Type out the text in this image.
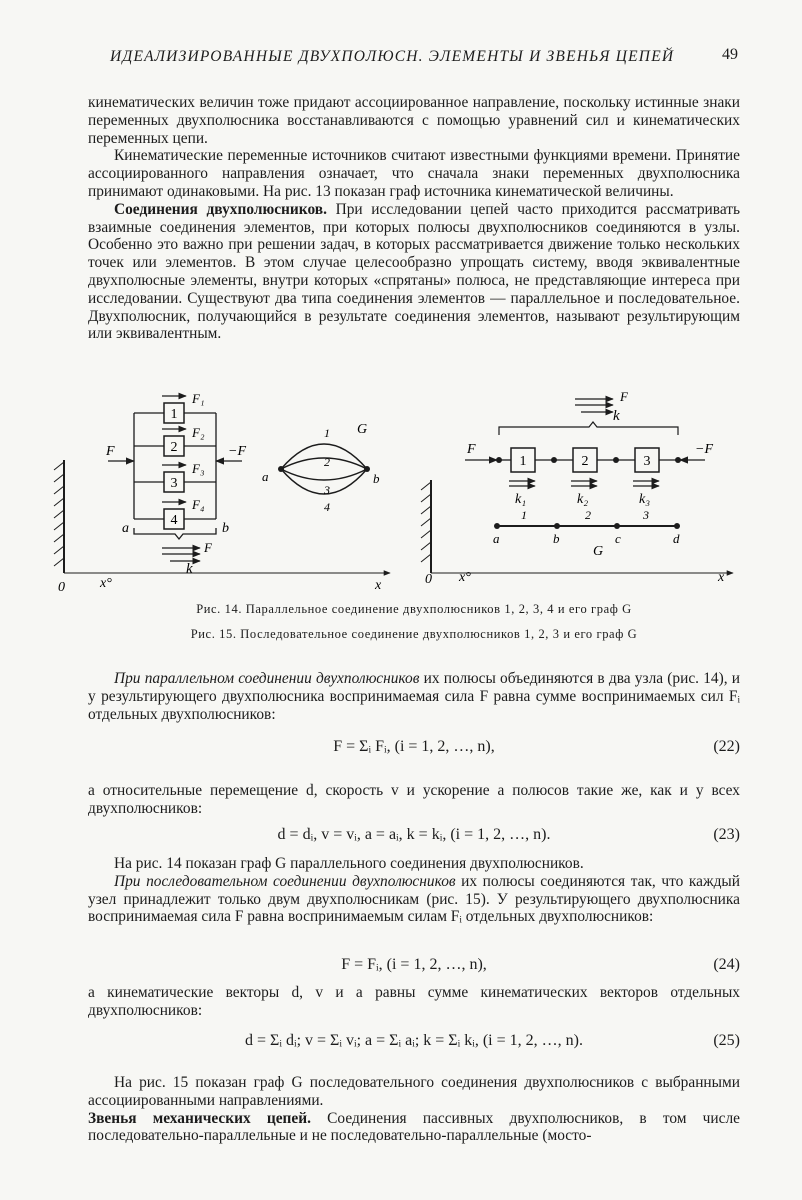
ИДЕАЛИЗИРОВАННЫЕ ДВУХПОЛЮСН. ЭЛЕМЕНТЫ И ЗВЕНЬЯ ЦЕПЕЙ	49

кинематических величин тоже придают ассоциированное направление, поскольку истинные знаки переменных двухполюсника восстанавливаются с помощью уравнений сил и кинематических переменных цепи.

Кинематические переменные источников считают известными функциями времени. Принятие ассоциированного направления означает, что сначала знаки переменных двухполюсника принимают одинаковыми. На рис. 13 показан граф источника кинематической величины.

Соединения двухполюсников. При исследовании цепей часто приходится рассматривать взаимные соединения элементов, при которых полюсы двухполюсников соединяются в узлы. Особенно это важно при решении задач, в которых рассматривается движение только нескольких точек или элементов. В этом случае целесообразно упрощать систему, вводя эквивалентные двухполюсные элементы, внутри которых «спрятаны» полюса, не представляющие интереса при исследовании. Существуют два типа соединения элементов — параллельное и последовательное. Двухполюсник, получающийся в результате соединения элементов, называют результирующим или эквивалентным.

0	x°	x
1
2
3
4
F₁
F₂
F₃
F₄
F	−F
a	b
F
k
a	b
G
1
2
3
4
0 x°	x
F
k
1	2	3
F	−F
k₁	k₂	k₃
1	2	3
a	b	c	d
G
Рис. 14. Параллельное соединение двухполюсников 1, 2, 3, 4 и его граф G
Рис. 15. Последовательное соединение двухполюсников 1, 2, 3 и его граф G

При параллельном соединении двухполюсников их полюсы объединяются в два узла (рис. 14), и у результирующего двухполюсника воспринимаемая сила F равна сумме воспринимаемых сил Fᵢ отдельных двухполюсников:

F = Σᵢ Fᵢ, (i = 1, 2, …, n),	(22)

а относительные перемещение d, скорость v и ускорение a полюсов такие же, как и у всех двухполюсников:

d = dᵢ, v = vᵢ, a = aᵢ, k = kᵢ, (i = 1, 2, …, n).	(23)

На рис. 14 показан граф G параллельного соединения двухполюсников.

При последовательном соединении двухполюсников их полюсы соединяются так, что каждый узел принадлежит только двум двухполюсникам (рис. 15). У результирующего двухполюсника воспринимаемая сила F равна воспринимаемым силам Fᵢ отдельных двухполюсников:

F = Fᵢ, (i = 1, 2, …, n),	(24)

а кинематические векторы d, v и a равны сумме кинематических векторов отдельных двухполюсников:

d = Σᵢ dᵢ; v = Σᵢ vᵢ; a = Σᵢ aᵢ; k = Σᵢ kᵢ, (i = 1, 2, …, n).	(25)

На рис. 15 показан граф G последовательного соединения двухполюсников с выбранными ассоциированными направлениями.

Звенья механических цепей. Соединения пассивных двухполюсников, в том числе последовательно-параллельные и не последовательно-параллельные (мосто-
